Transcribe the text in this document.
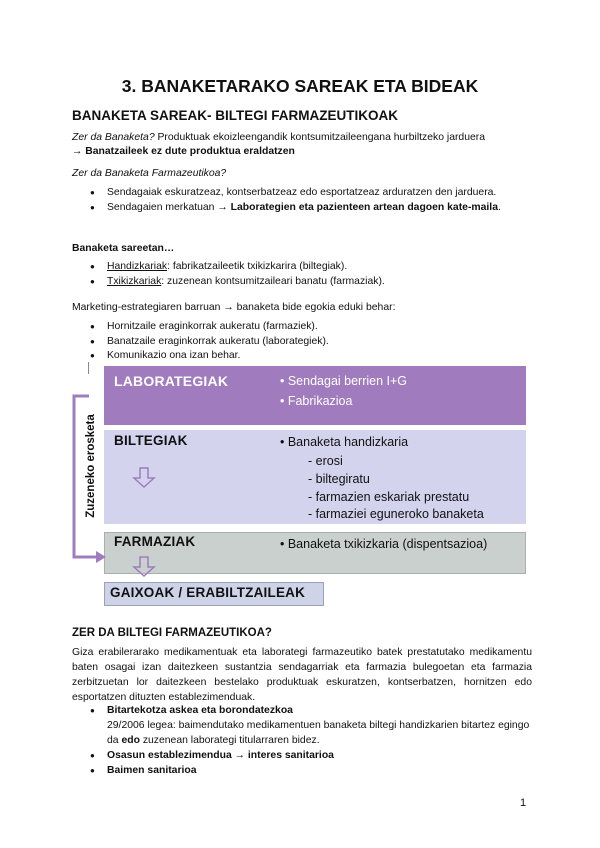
3. BANAKETARAKO SAREAK ETA BIDEAK
BANAKETA SAREAK- BILTEGI FARMAZEUTIKOAK
Zer da Banaketa? Produktuak ekoizleengandik kontsumitzaileengana hurbiltzeko jarduera
→ Banatzaileek ez dute produktua eraldatzen
Zer da Banaketa Farmazeutikoa?
● Sendagaiak eskuratzeaz, kontserbatzeaz edo esportatzeaz arduratzen den jarduera.
● Sendagaien merkatuan → Laborategien eta pazienteen artean dagoen kate-maila.
Banaketa sareetan…
● Handizkariak: fabrikatzaileetik txikizkarira (biltegiak).
● Txikizkariak: zuzenean kontsumitzaileari banatu (farmaziak).
Marketing-estrategiaren barruan → banaketa bide egokia eduki behar:
● Hornitzaile eraginkorrak aukeratu (farmaziek).
● Banatzaile eraginkorrak aukeratu (laborategiek).
● Komunikazio ona izan behar.
LABORATEGIAK	• Sendagai berrien I+G
• Fabrikazioa
BILTEGIAK	• Banaketa handizkaria
- erosi
- biltegiratu
- farmazien eskariak prestatu
- farmaziei eguneroko banaketa
FARMAZIAK	• Banaketa txikizkaria (dispentsazioa)
GAIXOAK / ERABILTZAILEAK
Zuzeneko erosketa
ZER DA BILTEGI FARMAZEUTIKOA?
Giza erabilerarako medikamentuak eta laborategi farmazeutiko batek prestatutako medikamentu baten osagai izan daitezkeen sustantzia sendagarriak eta farmazia bulegoetan eta farmazia zerbitzuetan lor daitezkeen bestelako produktuak eskuratzen, kontserbatzen, hornitzen edo esportatzen dituzten establezimenduak.
● Bitartekotza askea eta borondatezkoa
29/2006 legea: baimendutako medikamentuen banaketa biltegi handizkarien bitartez egingo da edo zuzenean laborategi titularraren bidez.
● Osasun establezimendua → interes sanitarioa
● Baimen sanitarioa
1
